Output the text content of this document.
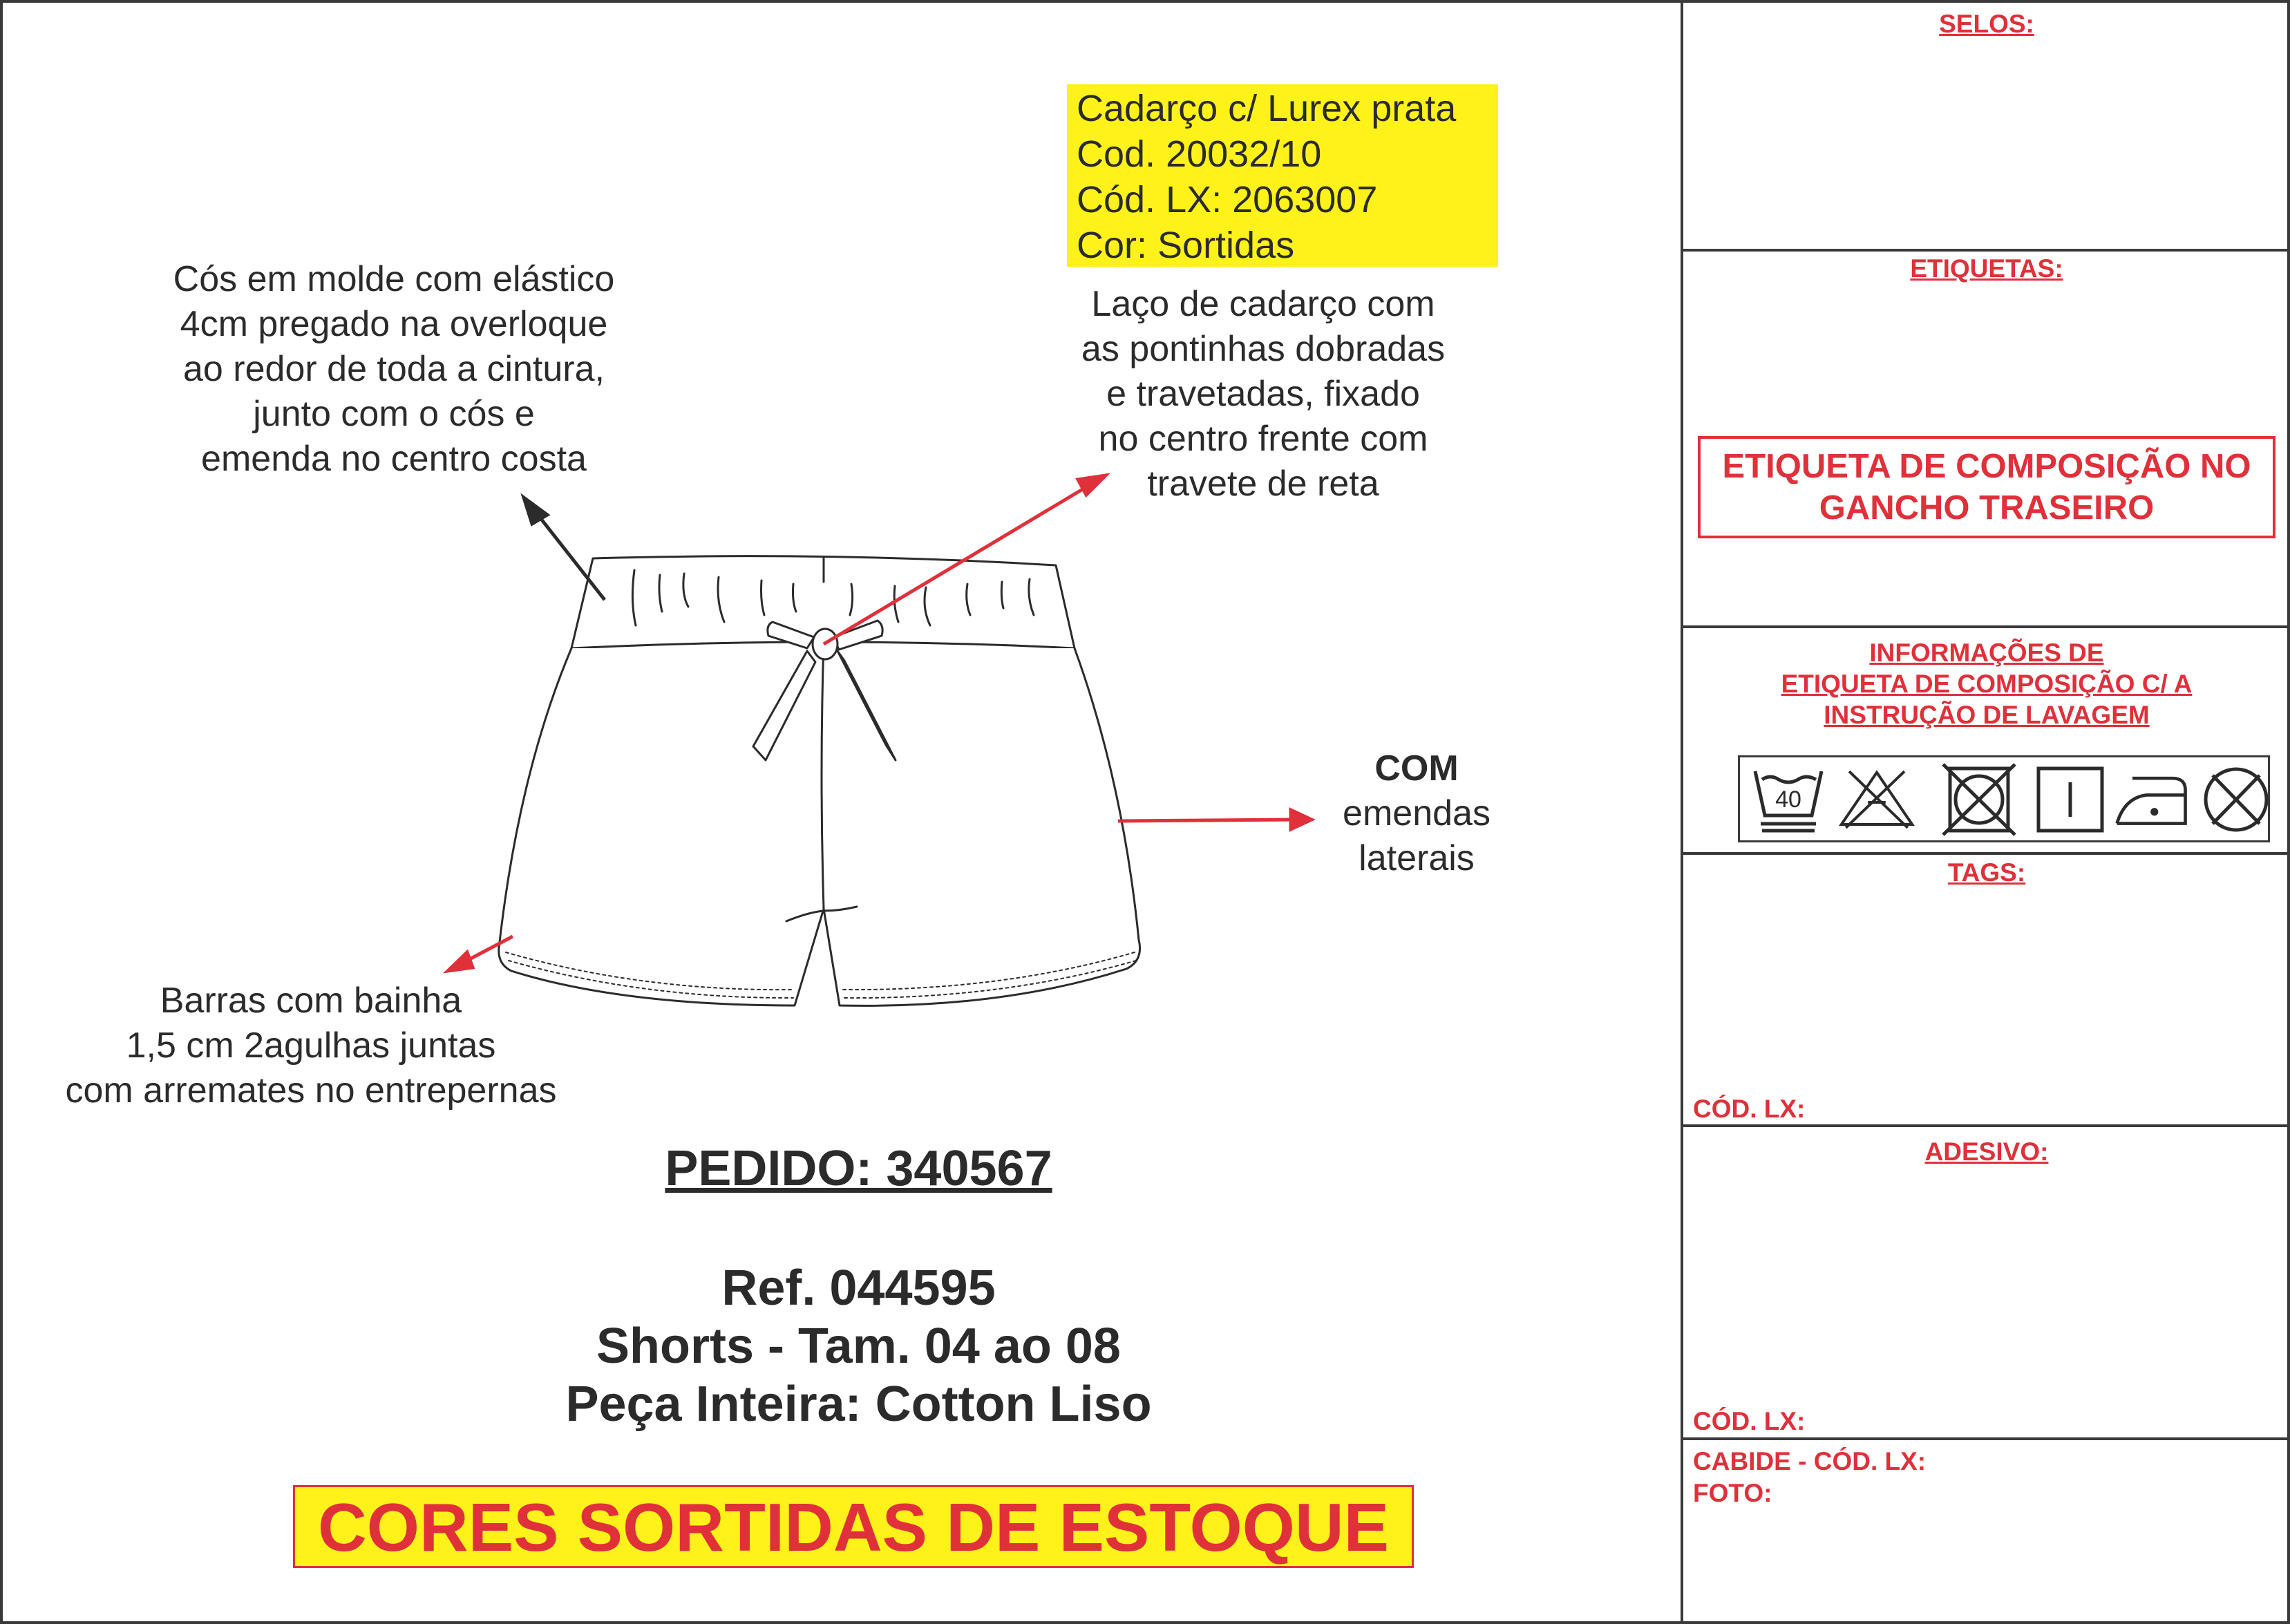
Cadarço c/ Lurex prata
Cod. 20032/10
Cód. LX: 2063007
Cor: Sortidas
Cós em molde com elástico
4cm pregado na overloque
ao redor de toda a cintura,
junto com o cós e
emenda no centro costa
Laço de cadarço com
as pontinhas dobradas
e travetadas, fixado
no centro frente com
travete de reta
COM
emendas
laterais
Barras com bainha
1,5 cm 2agulhas juntas
com arremates no entrepernas
PEDIDO: 340567
Ref. 044595
Shorts - Tam. 04 ao 08
Peça Inteira: Cotton Liso
CORES SORTIDAS DE ESTOQUE
SELOS:
ETIQUETAS:
ETIQUETA DE COMPOSIÇÃO NO
GANCHO TRASEIRO
INFORMAÇÕES DE
ETIQUETA DE COMPOSIÇÃO C/ A
INSTRUÇÃO DE LAVAGEM
40
TAGS:
CÓD. LX:
ADESIVO:
CÓD. LX:
CABIDE - CÓD. LX:
FOTO:
